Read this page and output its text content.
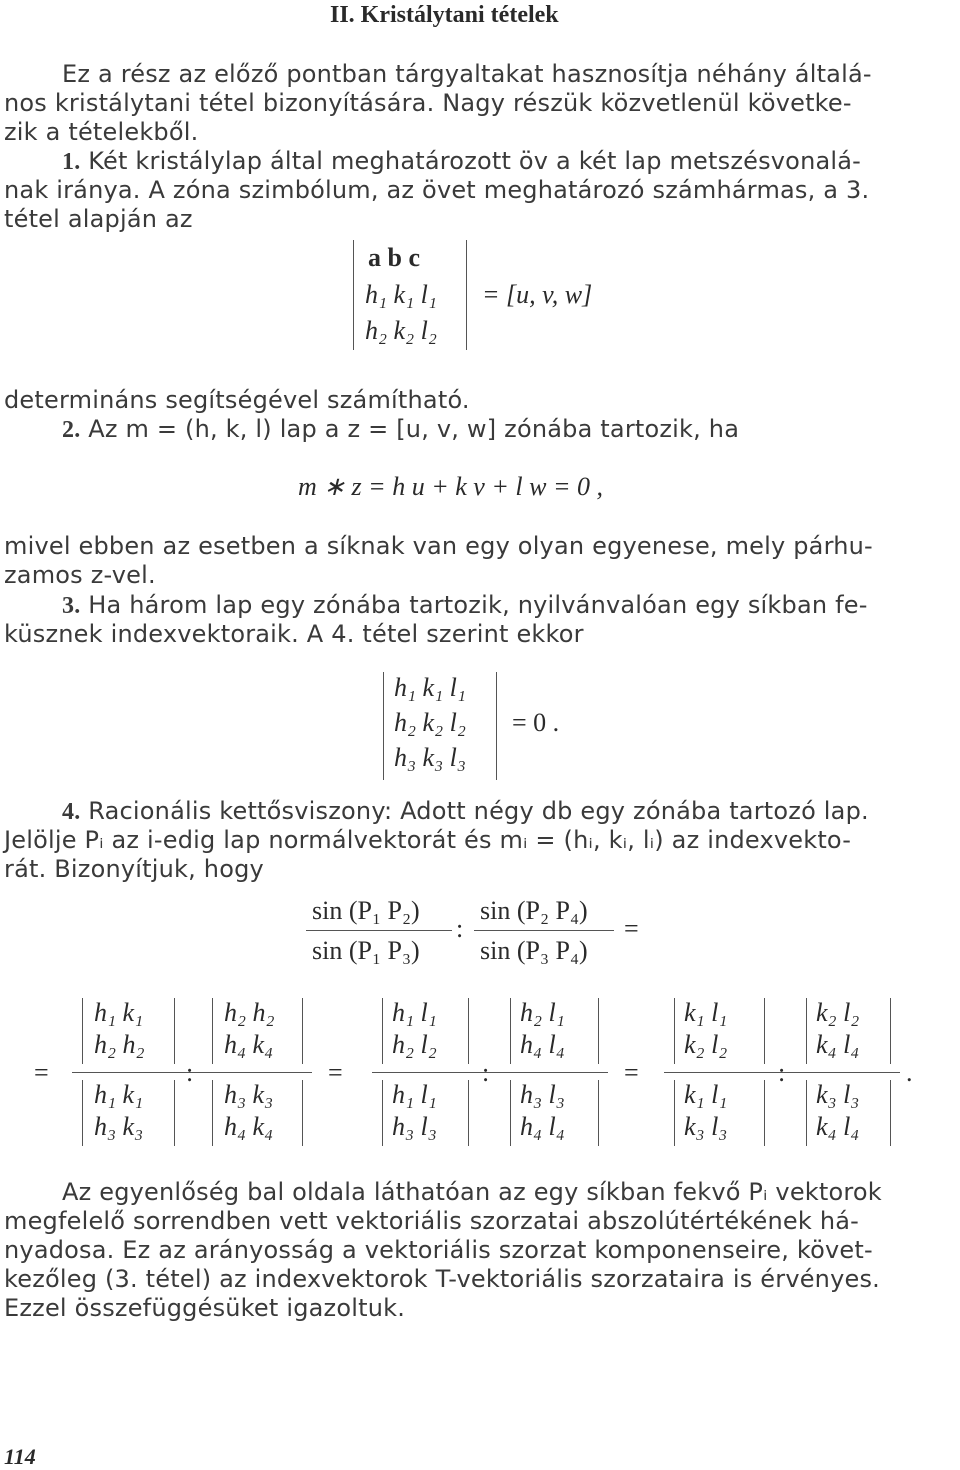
II. Kristálytani tételek
Ez a rész az előző pontban tárgyaltakat hasznosítja néhány általá-
nos kristálytani tétel bizonyítására. Nagy részük közvetlenül követke-
zik a tételekből.
1. Két kristálylap által meghatározott öv a két lap metszésvonalá-
nak iránya. A zóna szimbólum, az övet meghatározó számhármas, a 3.
tétel alapján az
a b c
h₁ k₁ l₁
h₂ k₂ l₂
= [u, v, w]
determináns segítségével számítható.
2. Az m = (h, k, l) lap a z = [u, v, w] zónába tartozik, ha
m ∗ z = h u + k v + l w = 0 ,
mivel ebben az esetben a síknak van egy olyan egyenese, mely párhu-
zamos z-vel.
3. Ha három lap egy zónába tartozik, nyilvánvalóan egy síkban fe-
küsznek indexvektoraik. A 4. tétel szerint ekkor
h₁ k₁ l₁
h₂ k₂ l₂
h₃ k₃ l₃
= 0 .
4. Racionális kettősviszony: Adott négy db egy zónába tartozó lap.
Jelölje Pᵢ az i-edig lap normálvektorát és mᵢ = (hᵢ, kᵢ, lᵢ) az indexvekto-
rát. Bizonyítjuk, hogy
sin (P₁ P₂)
sin (P₁ P₃)
:
sin (P₂ P₄)
sin (P₃ P₄)
=
=
h₁ k₁
h₂ h₂
h₂ h₂
h₄ k₄
:
h₁ k₁
h₃ k₃
h₃ k₃
h₄ k₄
=
h₁ l₁
h₂ l₂
h₂ l₁
h₄ l₄
:
h₁ l₁
h₃ l₃
h₃ l₃
h₄ l₄
=
k₁ l₁
k₂ l₂
k₂ l₂
k₄ l₄
:
k₁ l₁
k₃ l₃
k₃ l₃
k₄ l₄
.
Az egyenlőség bal oldala láthatóan az egy síkban fekvő Pᵢ vektorok
megfelelő sorrendben vett vektoriális szorzatai abszolútértékének há-
nyadosa. Ez az arányosság a vektoriális szorzat komponenseire, követ-
kezőleg (3. tétel) az indexvektorok T-vektoriális szorzataira is érvényes.
Ezzel összefüggésüket igazoltuk.
114
